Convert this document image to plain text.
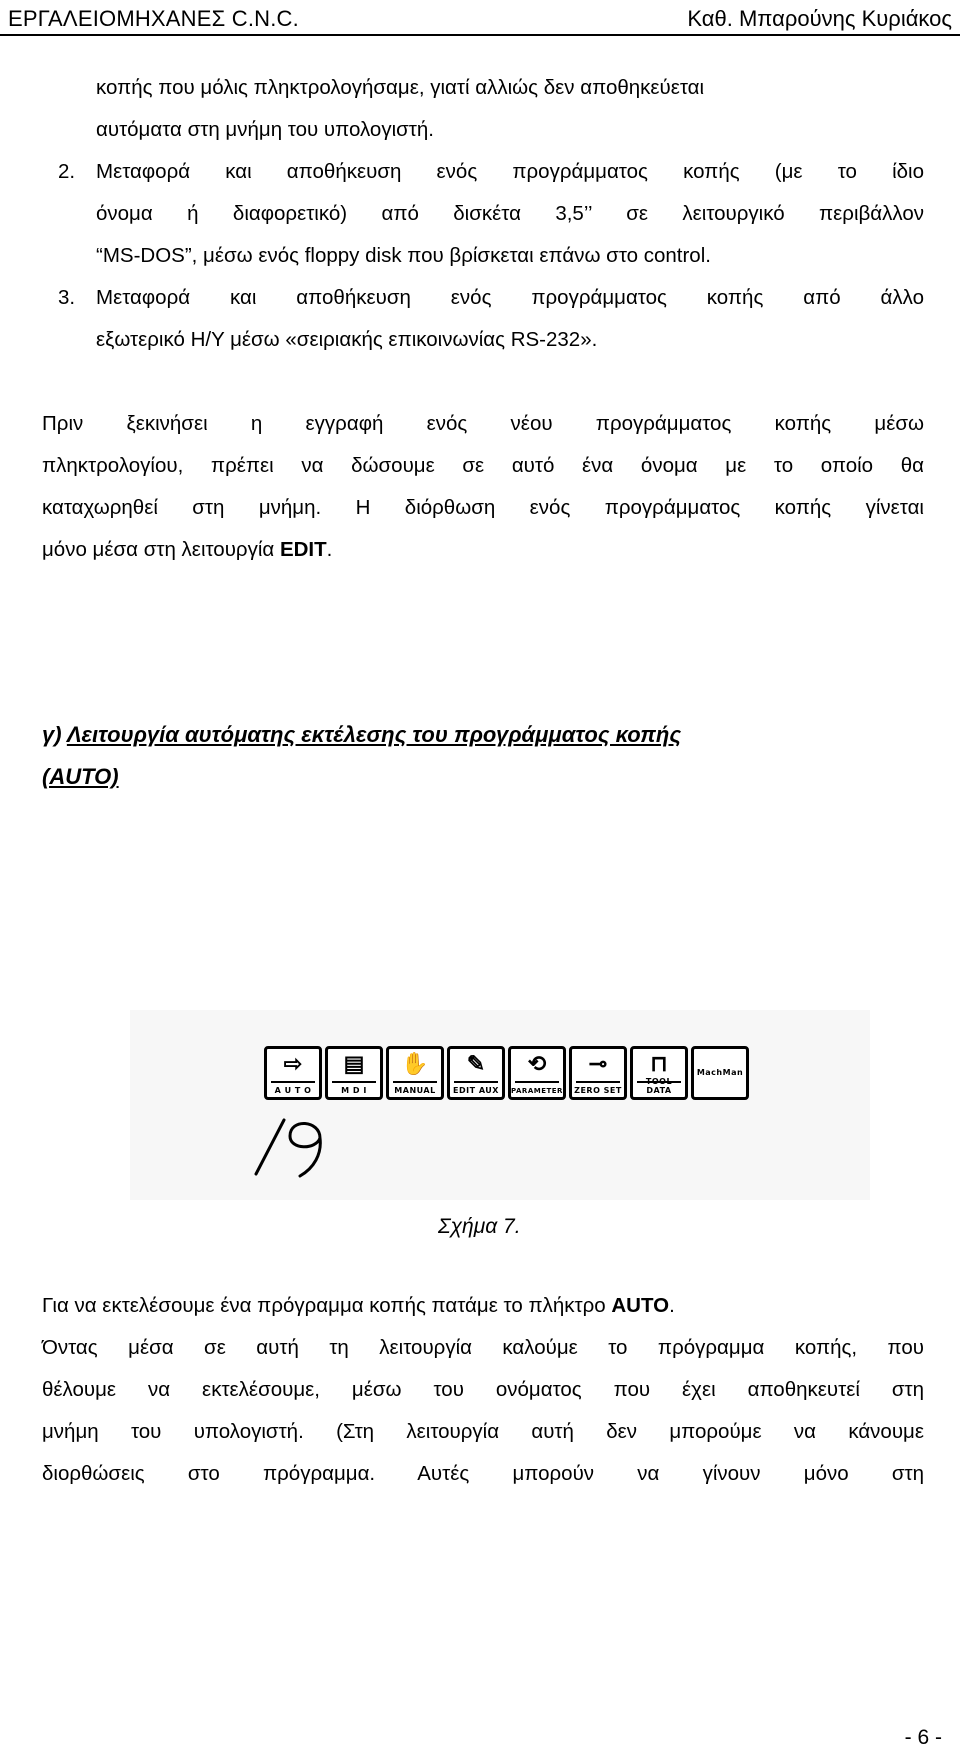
ΕΡΓΑΛΕΙΟΜΗΧΑΝΕΣ C.N.C.	Καθ. Μπαρούνης Κυριάκος
κοπής που μόλις πληκτρολογήσαμε, γιατί αλλιώς δεν αποθηκεύεται
αυτόματα στη μνήμη του υπολογιστή.
2. Μεταφορά και αποθήκευση ενός προγράμματος κοπής (με το ίδιο
όνομα ή διαφορετικό) από δισκέτα 3,5’’ σε λειτουργικό περιβάλλον
“MS-DOS”, μέσω ενός floppy disk που βρίσκεται επάνω στο control.
3. Μεταφορά και αποθήκευση ενός προγράμματος κοπής από άλλο
εξωτερικό Η/Υ μέσω «σειριακής επικοινωνίας RS-232».
Πριν ξεκινήσει η εγγραφή ενός νέου προγράμματος κοπής μέσω
πληκτρολογίου, πρέπει να δώσουμε σε αυτό ένα όνομα με το οποίο θα
καταχωρηθεί στη μνήμη. Η διόρθωση ενός προγράμματος κοπής γίνεται
μόνο μέσα στη λειτουργία EDIT.
γ) Λειτουργία αυτόματης εκτέλεσης του προγράμματος κοπής
(AUTO)
⇨
A U T O
▤
M D I
✋
MANUAL
✎
EDIT AUX
⟲
PARAMETER
⊸
ZERO SET
⊓
TOOL DATA
MachMan
Σχήμα 7.
Για να εκτελέσουμε ένα πρόγραμμα κοπής πατάμε το πλήκτρο AUTO.
Όντας μέσα σε αυτή τη λειτουργία καλούμε το πρόγραμμα κοπής, που
θέλουμε να εκτελέσουμε, μέσω του ονόματος που έχει αποθηκευτεί στη
μνήμη του υπολογιστή. (Στη λειτουργία αυτή δεν μπορούμε να κάνουμε
διορθώσεις στο πρόγραμμα. Αυτές μπορούν να γίνουν μόνο στη
- 6 -
